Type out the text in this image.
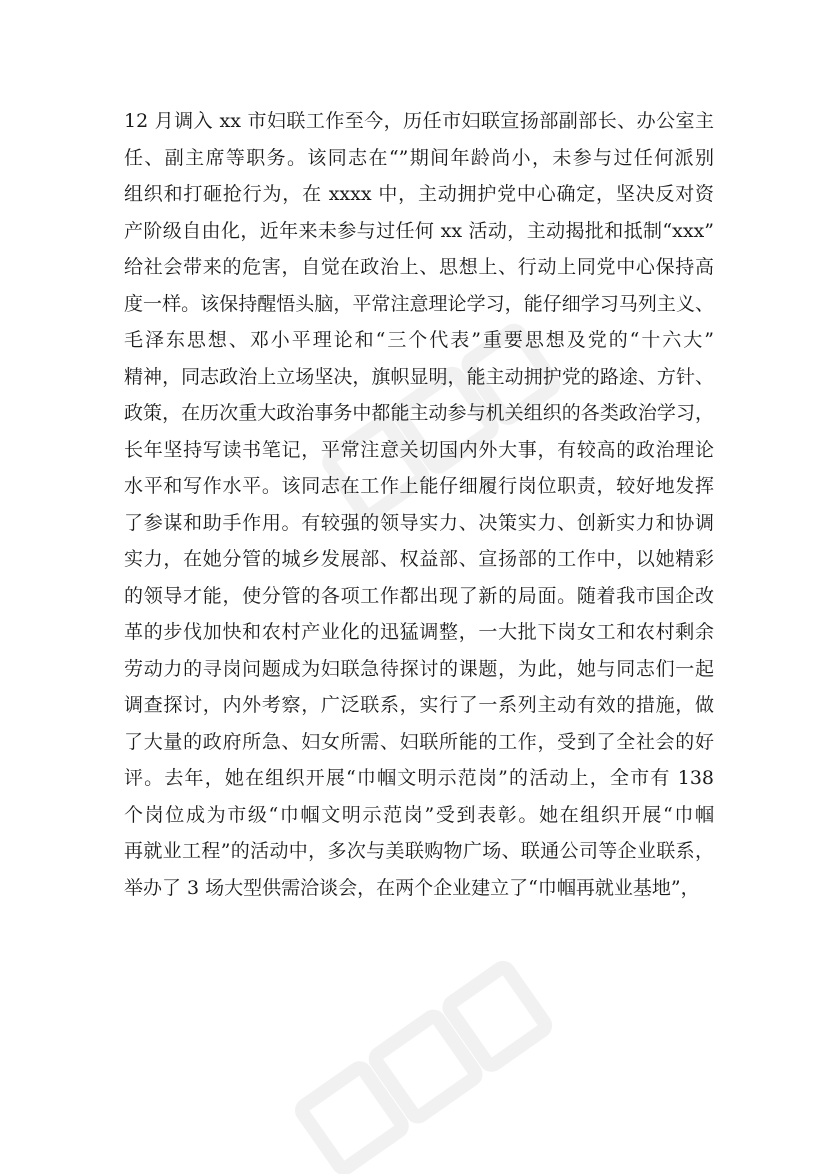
12 月调入 xx 市妇联工作至今，历任市妇联宣扬部副部长、办公室主
任、副主席等职务。该同志在“”期间年龄尚小，未参与过任何派别
组织和打砸抢行为，在 xxxx 中，主动拥护党中心确定，坚决反对资
产阶级自由化，近年来未参与过任何 xx 活动，主动揭批和抵制“xxx”
给社会带来的危害，自觉在政治上、思想上、行动上同党中心保持高
度一样。该保持醒悟头脑，平常注意理论学习，能仔细学习马列主义、
毛泽东思想、邓小平理论和“三个代表”重要思想及党的“十六大”
精神，同志政治上立场坚决，旗帜显明，能主动拥护党的路途、方针、
政策，在历次重大政治事务中都能主动参与机关组织的各类政治学习，
长年坚持写读书笔记，平常注意关切国内外大事，有较高的政治理论
水平和写作水平。该同志在工作上能仔细履行岗位职责，较好地发挥
了参谋和助手作用。有较强的领导实力、决策实力、创新实力和协调
实力，在她分管的城乡发展部、权益部、宣扬部的工作中，以她精彩
的领导才能，使分管的各项工作都出现了新的局面。随着我市国企改
革的步伐加快和农村产业化的迅猛调整，一大批下岗女工和农村剩余
劳动力的寻岗问题成为妇联急待探讨的课题，为此，她与同志们一起
调查探讨，内外考察，广泛联系，实行了一系列主动有效的措施，做
了大量的政府所急、妇女所需、妇联所能的工作，受到了全社会的好
评。去年，她在组织开展“巾帼文明示范岗”的活动上，全市有 138
个岗位成为市级“巾帼文明示范岗”受到表彰。她在组织开展“巾帼
再就业工程”的活动中，多次与美联购物广场、联通公司等企业联系，
举办了 3 场大型供需洽谈会，在两个企业建立了“巾帼再就业基地”，
